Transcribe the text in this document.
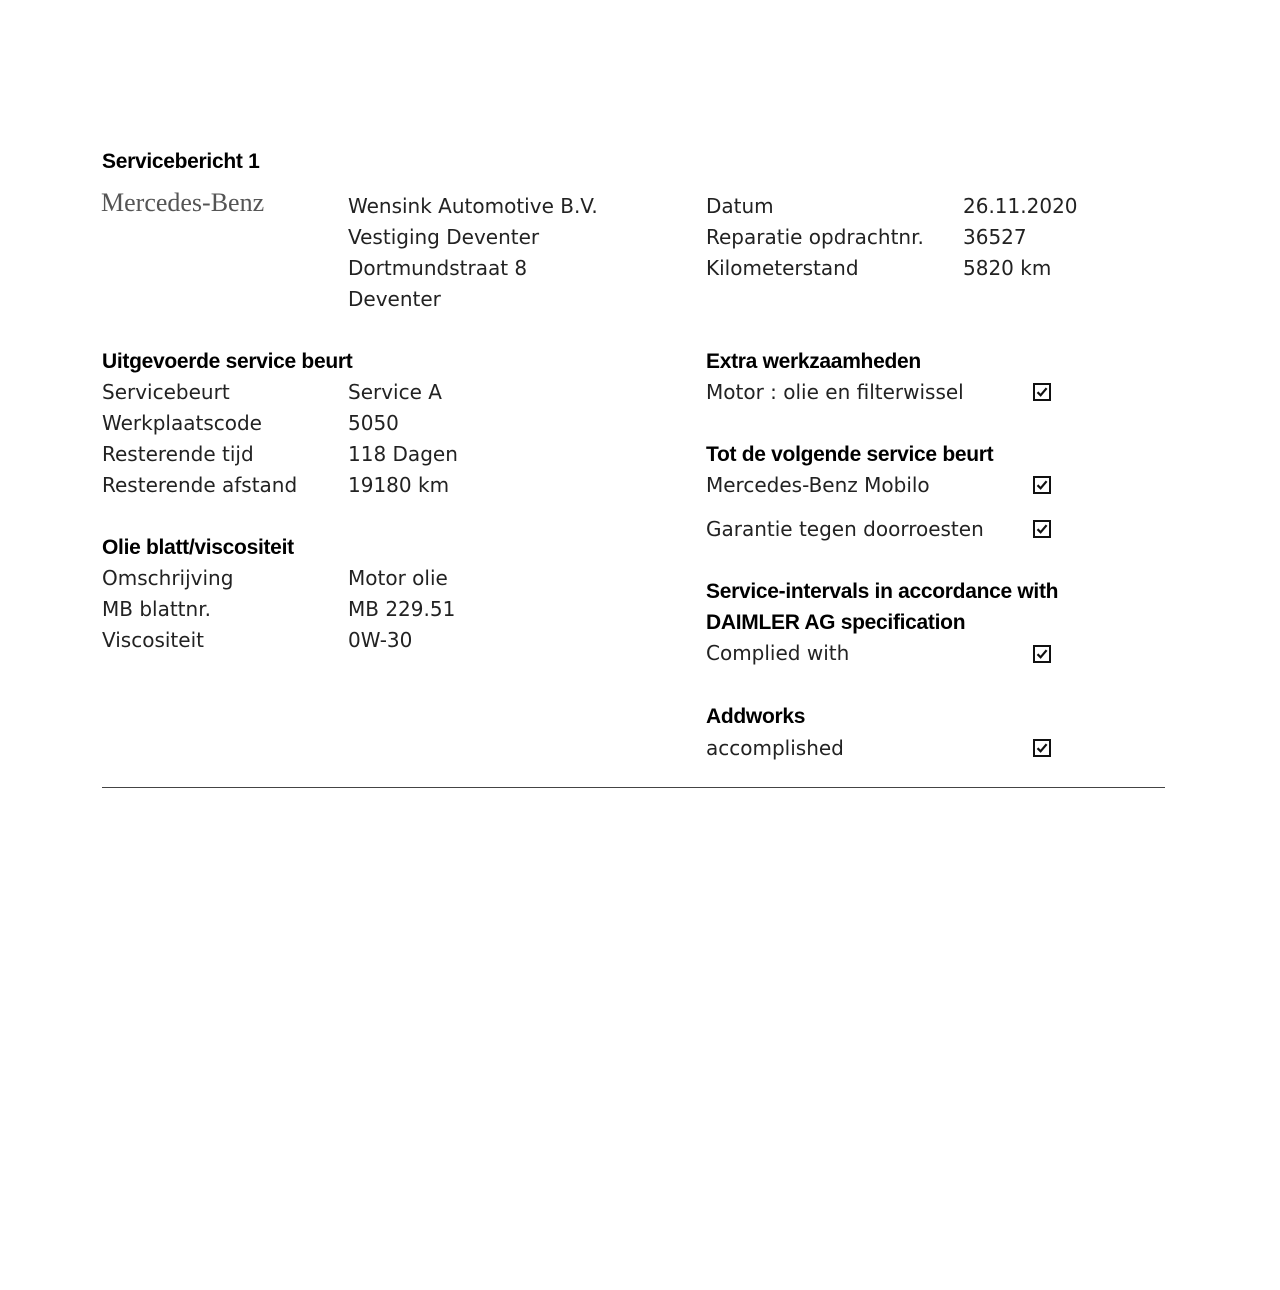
Servicebericht 1
Mercedes-Benz	Wensink Automotive B.V.
Vestiging Deventer
Dortmundstraat 8
Deventer
Datum	26.11.2020
Reparatie opdrachtnr. 36527
Kilometerstand	5820 km
Uitgevoerde service beurt
Servicebeurt	Service A
Werkplaatscode	5050
Resterende tijd	118 Dagen
Resterende afstand	19180 km
Olie blatt/viscositeit
Omschrijving	Motor olie
MB blattnr.	MB 229.51
Viscositeit	0W-30
Extra werkzaamheden
Motor : olie en filterwissel
Tot de volgende service beurt
Mercedes-Benz Mobilo
Garantie tegen doorroesten
Service-intervals in accordance with
DAIMLER AG specification
Complied with
Addworks
accomplished
